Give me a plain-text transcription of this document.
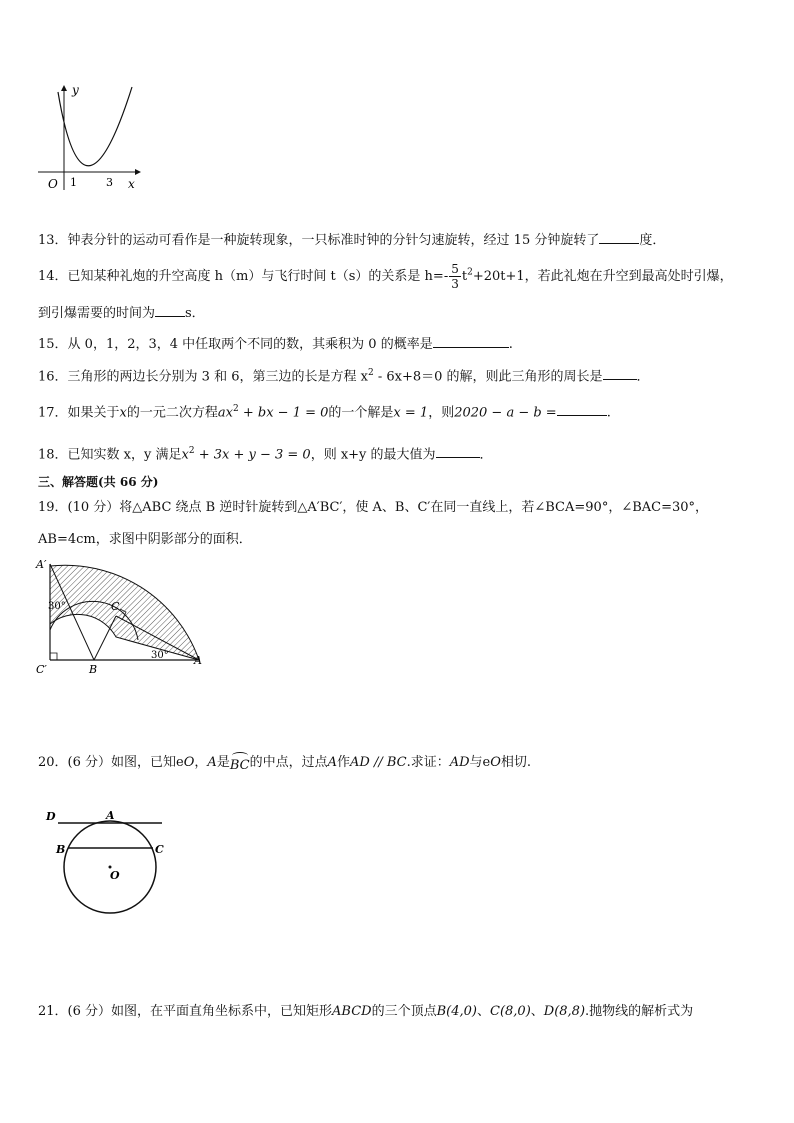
y
x
O 1	3
13．钟表分针的运动可看作是一种旋转现象，一只标准时钟的分针匀速旋转，经过 15 分钟旋转了	度．
14．已知某种礼炮的升空高度 h（m）与飞行时间 t（s）的关系是 $h=- \frac{5}{3} t^2+20t+1$，若此礼炮在升空到最高处时引爆，
到引爆需要的时间为 s．
15．从 0，1，2，3，4 中任取两个不同的数，其乘积为 0 的概率是	.
16．三角形的两边长分别为 3 和 6，第三边的长是方程 $x^2 - 6x+8=0$ 的解，则此三角形的周长是	．
17．如果关于x的一元二次方程$ax^2$ + bx − 1 = 0的一个解是x = 1，则2020 − a − b =	.
18．已知实数 x，y 满足$x^2 + 3x + y - 3 = 0$，则 x+y 的最大值为	．
三、解答题(共 66 分)
19．(10 分）将△ABC 绕点 B 逆时针旋转到△A′BC′，使 A、B、C′在同一直线上，若∠BCA=90°，∠BAC=30°，
AB=4cm，求图中阴影部分的面积．
A′
C′	B
C
A
30°
30°
20．(6 分）如图，已知eO，A是BC
的中点，过点A作AD // BC.求证：AD与eO相切.
D	A
B	C
O
21．(6 分）如图，在平面直角坐标系中，已知矩形ABCD的三个顶点B(4,0)、C(8,0)、D(8,8).抛物线的解析式为
